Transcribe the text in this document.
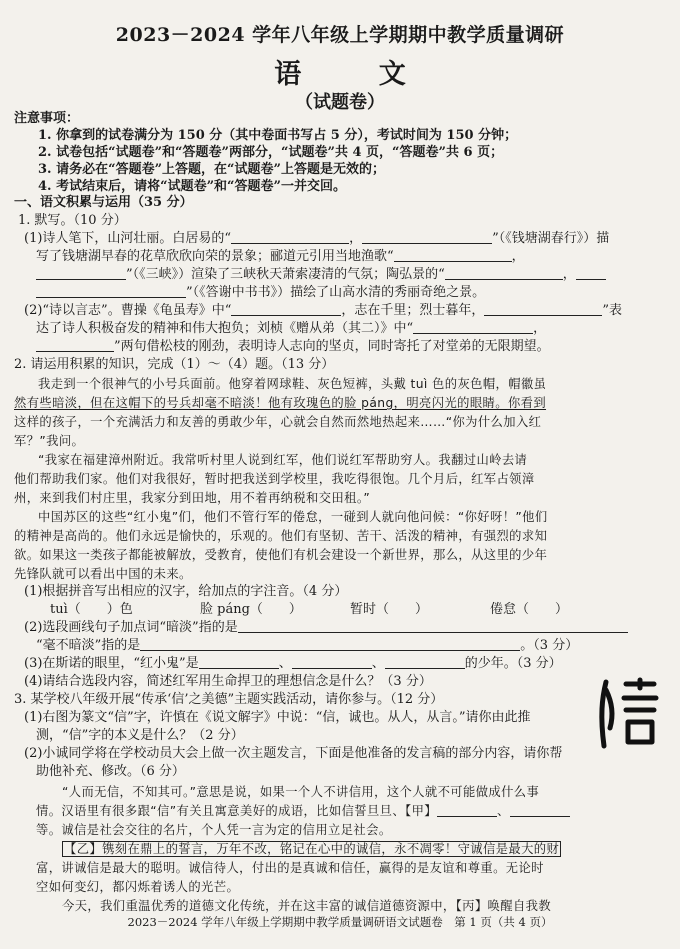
2023－2024 学年八年级上学期期中教学质量调研
语 文
（试题卷）
注意事项：
1. 你拿到的试卷满分为 150 分（其中卷面书写占 5 分），考试时间为 150 分钟；
2. 试卷包括“试题卷”和“答题卷”两部分，“试题卷”共 4 页，“答题卷”共 6 页；
3. 请务必在“答题卷”上答题，在“试题卷”上答题是无效的；
4. 考试结束后，请将“试题卷”和“答题卷”一并交回。
一、语文积累与运用（35 分）
1. 默写。（10 分）
(1)诗人笔下，山河壮丽。白居易的“	，	”（《钱塘湖春行》）描
写了钱塘湖早春的花草欣欣向荣的景象；郦道元引用当地渔歌“	，
”（《三峡》）渲染了三峡秋天萧索凄清的气氛；陶弘景的“	，
”（《答谢中书书》）描绘了山高水清的秀丽奇绝之景。
(2)“诗以言志”。曹操《龟虽寿》中“	，志在千里；烈士暮年，	”表
达了诗人积极奋发的精神和伟大抱负；刘桢《赠从弟（其二）》中“	，
”两句借松枝的刚劲，表明诗人志向的坚贞，同时寄托了对堂弟的无限期望。
2. 请运用积累的知识，完成（1）～（4）题。（13 分）
我走到一个很神气的小号兵面前。他穿着网球鞋、灰色短裤，头戴 tuì 色的灰色帽，帽徽虽
然有些暗淡，但在这帽下的号兵却毫不暗淡！他有玫瑰色的脸 páng，明亮闪光的眼睛。你看到
这样的孩子，一个充满活力和友善的勇敢少年，心就会自然而然地热起来……“你为什么加入红
军？”我问。
“我家在福建漳州附近。我常听村里人说到红军，他们说红军帮助穷人。我翻过山岭去请
他们帮助我们家。他们对我很好，暂时把我送到学校里，我吃得很饱。几个月后，红军占领漳
州，来到我们村庄里，我家分到田地，用不着再纳税和交田租。”
中国苏区的这些“红小鬼”们，他们不管行军的倦怠，一碰到人就向他问候：“你好呀！”他们
的精神是高尚的。他们永远是愉快的，乐观的。他们有坚韧、苦干、活泼的精神，有强烈的求知
欲。如果这一类孩子都能被解放，受教育，使他们有机会建设一个新世界，那么，从这里的少年
先锋队就可以看出中国的未来。
(1)根据拼音写出相应的汉字，给加点的字注音。（4 分）
tuì（　　）色	脸 páng（　　）	暂时（　　）	倦怠（　　）
(2)选段画线句子加点词“暗淡”指的是
“毫不暗淡”指的是	。（3 分）
(3)在斯诺的眼里，“红小鬼”是	、	、	的少年。（3 分）
(4)请结合选段内容，简述红军用生命捍卫的理想信念是什么？（3 分）
3. 某学校八年级开展“传承‘信’之美德”主题实践活动，请你参与。（12 分）
(1)右图为篆文“信”字，许慎在《说文解字》中说：“信，诚也。从人，从言。”请你由此推
测，“信”字的本义是什么？（2 分）
(2)小诚同学将在学校动员大会上做一次主题发言，下面是他准备的发言稿的部分内容，请你帮
助他补充、修改。（6 分）
“人而无信，不知其可。”意思是说，如果一个人不讲信用，这个人就不可能做成什么事
情。汉语里有很多跟“信”有关且寓意美好的成语，比如信誓旦旦、【甲】	、
等。诚信是社会交往的名片，个人凭一言为定的信用立足社会。
【乙】镌刻在鼎上的誓言，万年不改，铭记在心中的诚信，永不凋零！守诚信是最大的财
富，讲诚信是最大的聪明。诚信待人，付出的是真诚和信任，赢得的是友谊和尊重。无论时
空如何变幻，都闪烁着诱人的光芒。
今天，我们重温优秀的道德文化传统，并在这丰富的诚信道德资源中，【丙】唤醒自我教
2023－2024 学年八年级上学期期中教学质量调研语文试题卷　第 1 页（共 4 页）
